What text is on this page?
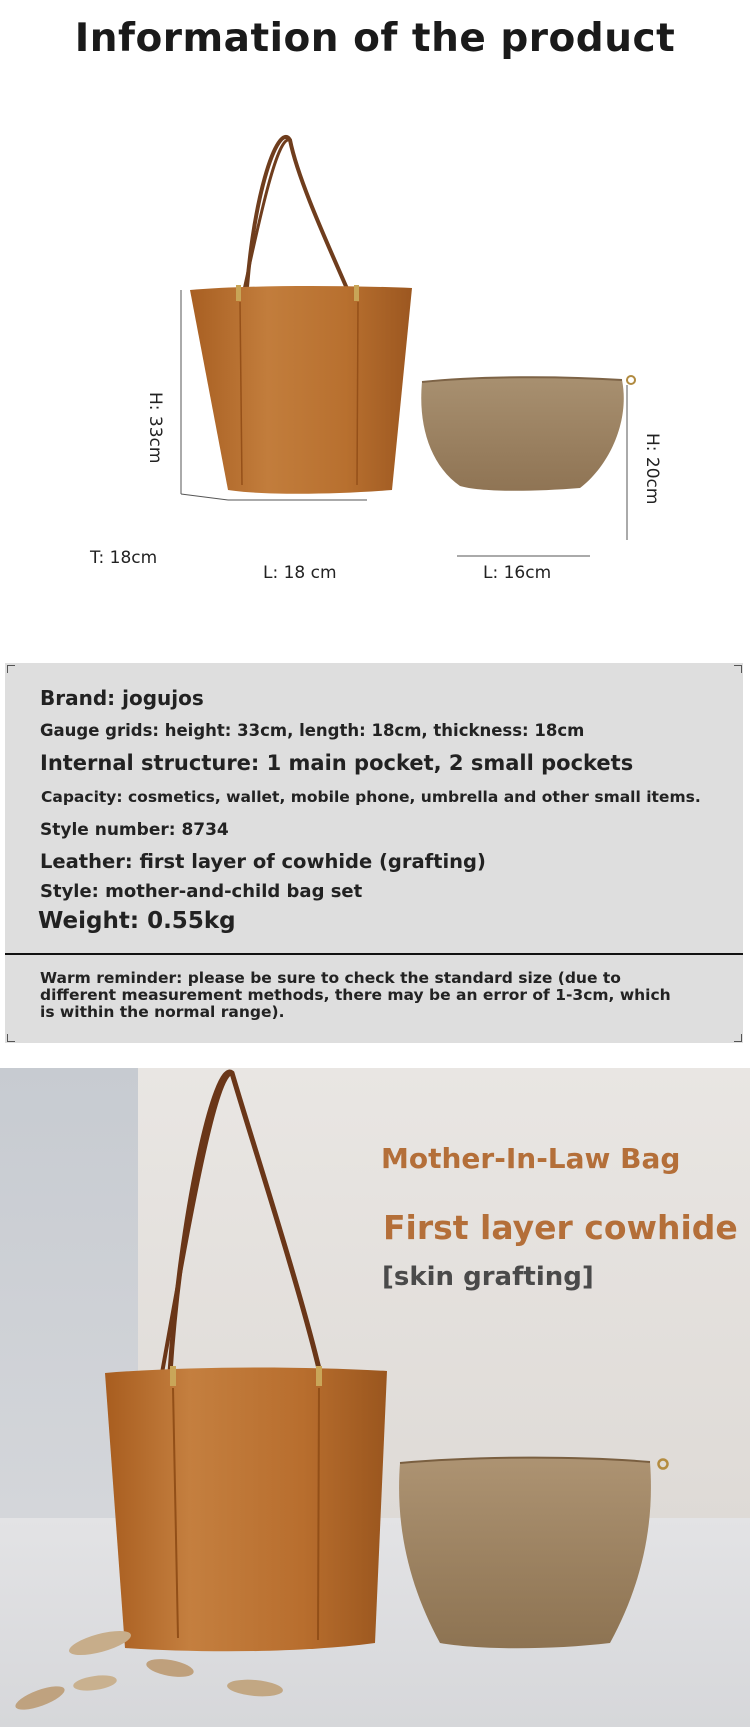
Information of the product
H: 33cm
T: 18cm
L: 18 cm
H: 20cm
L: 16cm
Brand: jogujos
Gauge grids: height: 33cm, length: 18cm, thickness: 18cm
Internal structure: 1 main pocket, 2 small pockets
Capacity: cosmetics, wallet, mobile phone, umbrella and other small items.
Style number: 8734
Leather: first layer of cowhide (grafting)
Style: mother-and-child bag set
Weight: 0.55kg
Warm reminder: please be sure to check the standard size (due to different measurement methods, there may be an error of 1-3cm, which is within the normal range).
Mother-In-Law Bag
First layer cowhide
[skin grafting]
